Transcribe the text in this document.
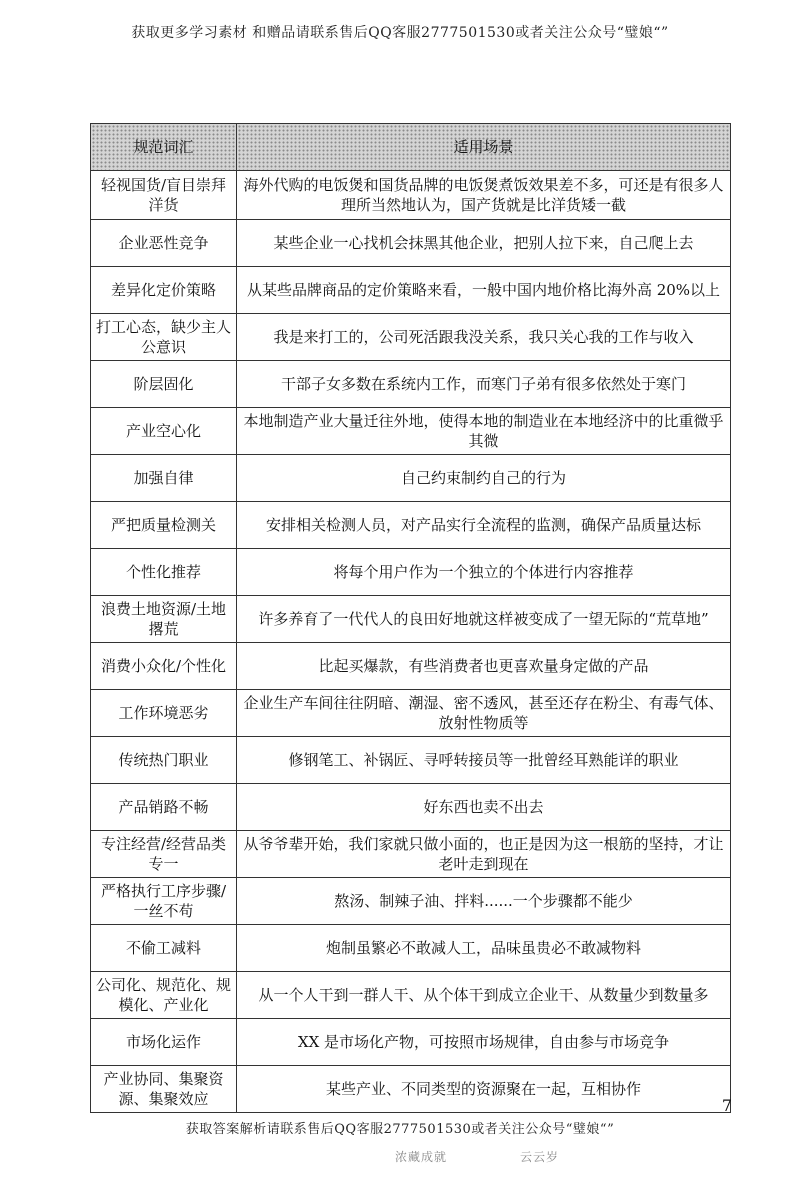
获取更多学习素材 和赠品请联系售后QQ客服2777501530或者关注公众号“璧娘“”
规范词汇	适用场景
轻视国货/盲目崇拜洋货	海外代购的电饭煲和国货品牌的电饭煲煮饭效果差不多，可还是有很多人理所当然地认为，国产货就是比洋货矮一截
企业恶性竞争	某些企业一心找机会抹黑其他企业，把别人拉下来，自己爬上去
差异化定价策略	从某些品牌商品的定价策略来看，一般中国内地价格比海外高 20%以上
打工心态，缺少主人公意识	我是来打工的，公司死活跟我没关系，我只关心我的工作与收入
阶层固化	干部子女多数在系统内工作，而寒门子弟有很多依然处于寒门
产业空心化	本地制造产业大量迁往外地，使得本地的制造业在本地经济中的比重微乎其微
加强自律	自己约束制约自己的行为
严把质量检测关	安排相关检测人员，对产品实行全流程的监测，确保产品质量达标
个性化推荐	将每个用户作为一个独立的个体进行内容推荐
浪费土地资源/土地撂荒	许多养育了一代代人的良田好地就这样被变成了一望无际的“荒草地”
消费小众化/个性化	比起买爆款，有些消费者也更喜欢量身定做的产品
工作环境恶劣	企业生产车间往往阴暗、潮湿、密不透风，甚至还存在粉尘、有毒气体、放射性物质等
传统热门职业	修钢笔工、补锅匠、寻呼转接员等一批曾经耳熟能详的职业
产品销路不畅	好东西也卖不出去
专注经营/经营品类专一	从爷爷辈开始，我们家就只做小面的，也正是因为这一根筋的坚持，才让老叶走到现在
严格执行工序步骤/一丝不苟	熬汤、制辣子油、拌料......一个步骤都不能少
不偷工减料	炮制虽繁必不敢减人工，品味虽贵必不敢减物料
公司化、规范化、规模化、产业化	从一个人干到一群人干、从个体干到成立企业干、从数量少到数量多
市场化运作	XX 是市场化产物，可按照市场规律，自由参与市场竞争
产业协同、集聚资源、集聚效应	某些产业、不同类型的资源聚在一起，互相协作
7
获取答案解析请联系售后QQ客服2777501530或者关注公众号“璧娘“”
浓藏成就	云云岁
